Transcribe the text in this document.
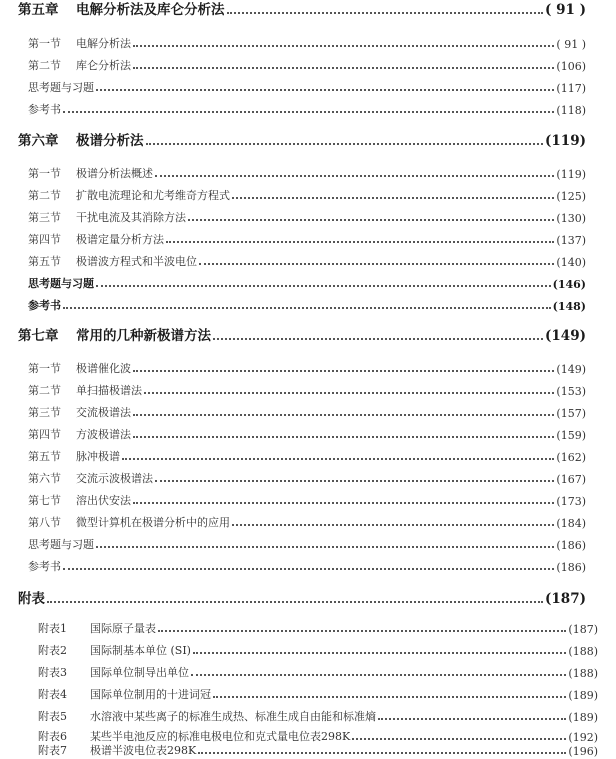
第五章	电解分析法及库仑分析法	( 91 )
第一节	电解分析法	( 91 )
第二节	库仑分析法	(106)
思考题与习题	(117)
参考书	(118)
第六章	极谱分析法	(119)
第一节	极谱分析法概述	(119)
第二节	扩散电流理论和尤考维奇方程式	(125)
第三节	干扰电流及其消除方法	(130)
第四节	极谱定量分析方法	(137)
第五节	极谱波方程式和半波电位	(140)
思考题与习题	(146)
参考书	(148)
第七章	常用的几种新极谱方法	(149)
第一节	极谱催化波	(149)
第二节	单扫描极谱法	(153)
第三节	交流极谱法	(157)
第四节	方波极谱法	(159)
第五节	脉冲极谱	(162)
第六节	交流示波极谱法	(167)
第七节	溶出伏安法	(173)
第八节	微型计算机在极谱分析中的应用	(184)
思考题与习题	(186)
参考书	(186)
附表	(187)
附表1	国际原子量表	(187)
附表2	国际制基本单位 (SI)	(188)
附表3	国际单位制导出单位	(188)
附表4	国际单位制用的十进词冠	(189)
附表5	水溶液中某些离子的标准生成热、标准生成自由能和标准熵	(189)
附表6	某些半电池反应的标准电极电位和克式量电位表298K	(192)
附表7	极谱半波电位表298K	(196)
